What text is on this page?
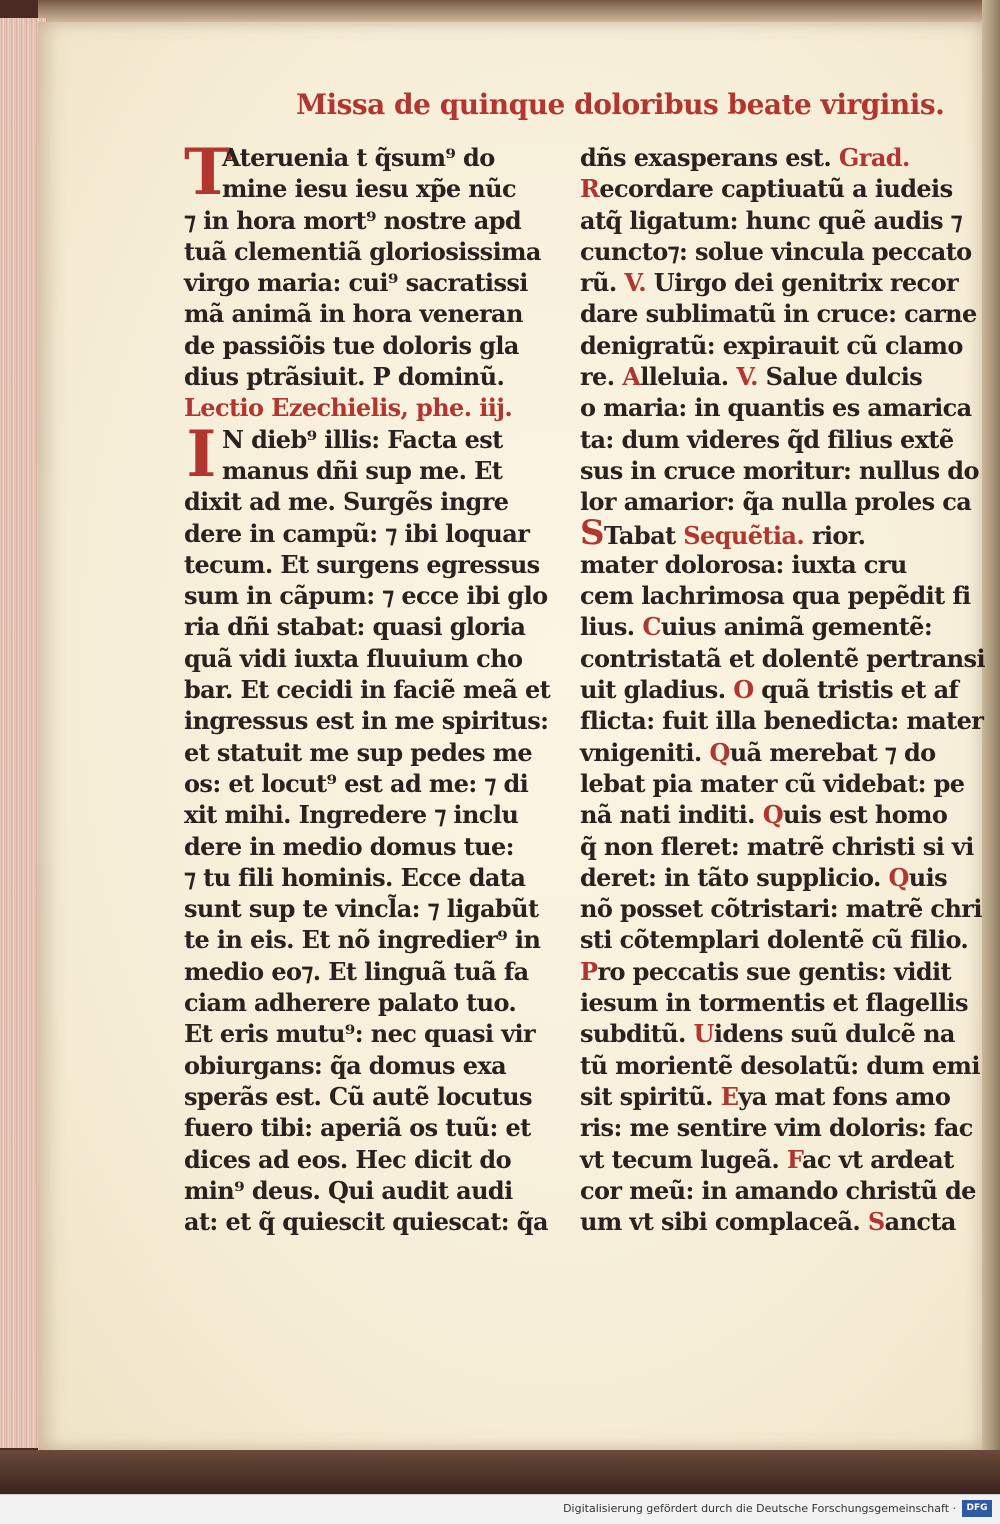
Missa de quinque doloribus beate virginis.
T
Ateruenia t q̃sum⁹ do
mine iesu iesu xp̃e nũc
⁊ in hora mort⁹ nostre apd
tuã clementiã gloriosissima
virgo maria: cui⁹ sacratissi
mã animã in hora veneran
de passiõis tue doloris gla
dius ptrãsiuit. P dominũ.
Lectio Ezechielis, phe. iij.
I N dieb⁹ illis: Facta est
manus dñi sup me. Et
dixit ad me. Surgẽs ingre
dere in campũ: ⁊ ibi loquar
tecum. Et surgens egressus
sum in cãpum: ⁊ ecce ibi glo
ria dñi stabat: quasi gloria
quã vidi iuxta fluuium cho
bar. Et cecidi in faciẽ meã et
ingressus est in me spiritus:
et statuit me sup pedes me
os: et locut⁹ est ad me: ⁊ di
xit mihi. Ingredere ⁊ inclu
dere in medio domus tue:
⁊ tu fili hominis. Ecce data
sunt sup te vincl̃a: ⁊ ligabũt
te in eis. Et nõ ingredier⁹ in
medio eo⁊. Et linguã tuã fa
ciam adherere palato tuo.
Et eris mutu⁹: nec quasi vir
obiurgans: q̃a domus exa
sperãs est. Cũ autẽ locutus
fuero tibi: aperiã os tuũ: et
dices ad eos. Hec dicit do
min⁹ deus. Qui audit audi
at: et q̃ quiescit quiescat: q̃a
dñs exasperans est. Grad.
Recordare captiuatũ a iudeis
atq̃ ligatum: hunc quẽ audis ⁊
cuncto⁊: solue vincula peccato
rũ. V. Uirgo dei genitrix recor
dare sublimatũ in cruce: carne
denigratũ: expirauit cũ clamo
re. Alleluia. V. Salue dulcis
o maria: in quantis es amarica
ta: dum videres q̃d filius extẽ
sus in cruce moritur: nullus do
lor amarior: q̃a nulla proles ca
STabat Sequẽtia. rior.
mater dolorosa: iuxta cru
cem lachrimosa qua pepẽdit fi
lius. Cuius animã gementẽ:
contristatã et dolentẽ pertransi
uit gladius. O quã tristis et af
flicta: fuit illa benedicta: mater
vnigeniti. Quã merebat ⁊ do
lebat pia mater cũ videbat: pe
nã nati inditi. Quis est homo
q̃ non fleret: matrẽ christi si vi
deret: in tãto supplicio. Quis
nõ posset cõtristari: matrẽ chri
sti cõtemplari dolentẽ cũ filio.
Pro peccatis sue gentis: vidit
iesum in tormentis et flagellis
subditũ. Uidens suũ dulcẽ na
tũ morientẽ desolatũ: dum emi
sit spiritũ. Eya mat fons amo
ris: me sentire vim doloris: fac
vt tecum lugeã. Fac vt ardeat
cor meũ: in amando christũ de
um vt sibi complaceã. Sancta
Digitalisierung gefördert durch die Deutsche Forschungsgemeinschaft ·	DFG
